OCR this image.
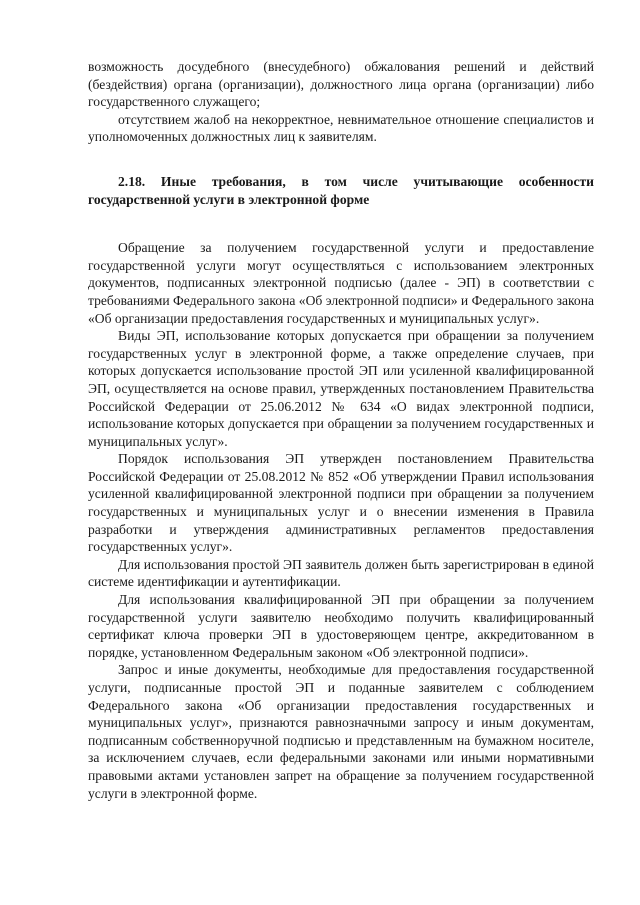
возможность досудебного (внесудебного) обжалования решений и действий (бездействия) органа (организации), должностного лица органа (организации) либо государственного служащего;

отсутствием жалоб на некорректное, невнимательное отношение специалистов и уполномоченных должностных лиц к заявителям.

2.18. Иные требования, в том числе учитывающие особенности государственной услуги в электронной форме

Обращение за получением государственной услуги и предоставление государственной услуги могут осуществляться с использованием электронных документов, подписанных электронной подписью (далее - ЭП) в соответствии с требованиями Федерального закона «Об электронной подписи» и Федерального закона «Об организации предоставления государственных и муниципальных услуг».

Виды ЭП, использование которых допускается при обращении за получением государственных услуг в электронной форме, а также определение случаев, при которых допускается использование простой ЭП или усиленной квалифицированной ЭП, осуществляется на основе правил, утвержденных постановлением Правительства Российской Федерации от 25.06.2012 № 634 «О видах электронной подписи, использование которых допускается при обращении за получением государственных и муниципальных услуг».

Порядок использования ЭП утвержден постановлением Правительства Российской Федерации от 25.08.2012 № 852 «Об утверждении Правил использования усиленной квалифицированной электронной подписи при обращении за получением государственных и муниципальных услуг и о внесении изменения в Правила разработки и утверждения административных регламентов предоставления государственных услуг».

Для использования простой ЭП заявитель должен быть зарегистрирован в единой системе идентификации и аутентификации.

Для использования квалифицированной ЭП при обращении за получением государственной услуги заявителю необходимо получить квалифицированный сертификат ключа проверки ЭП в удостоверяющем центре, аккредитованном в порядке, установленном Федеральным законом «Об электронной подписи».

Запрос и иные документы, необходимые для предоставления государственной услуги, подписанные простой ЭП и поданные заявителем с соблюдением Федерального закона «Об организации предоставления государственных и муниципальных услуг», признаются равнозначными запросу и иным документам, подписанным собственноручной подписью и представленным на бумажном носителе, за исключением случаев, если федеральными законами или иными нормативными правовыми актами установлен запрет на обращение за получением государственной услуги в электронной форме.
